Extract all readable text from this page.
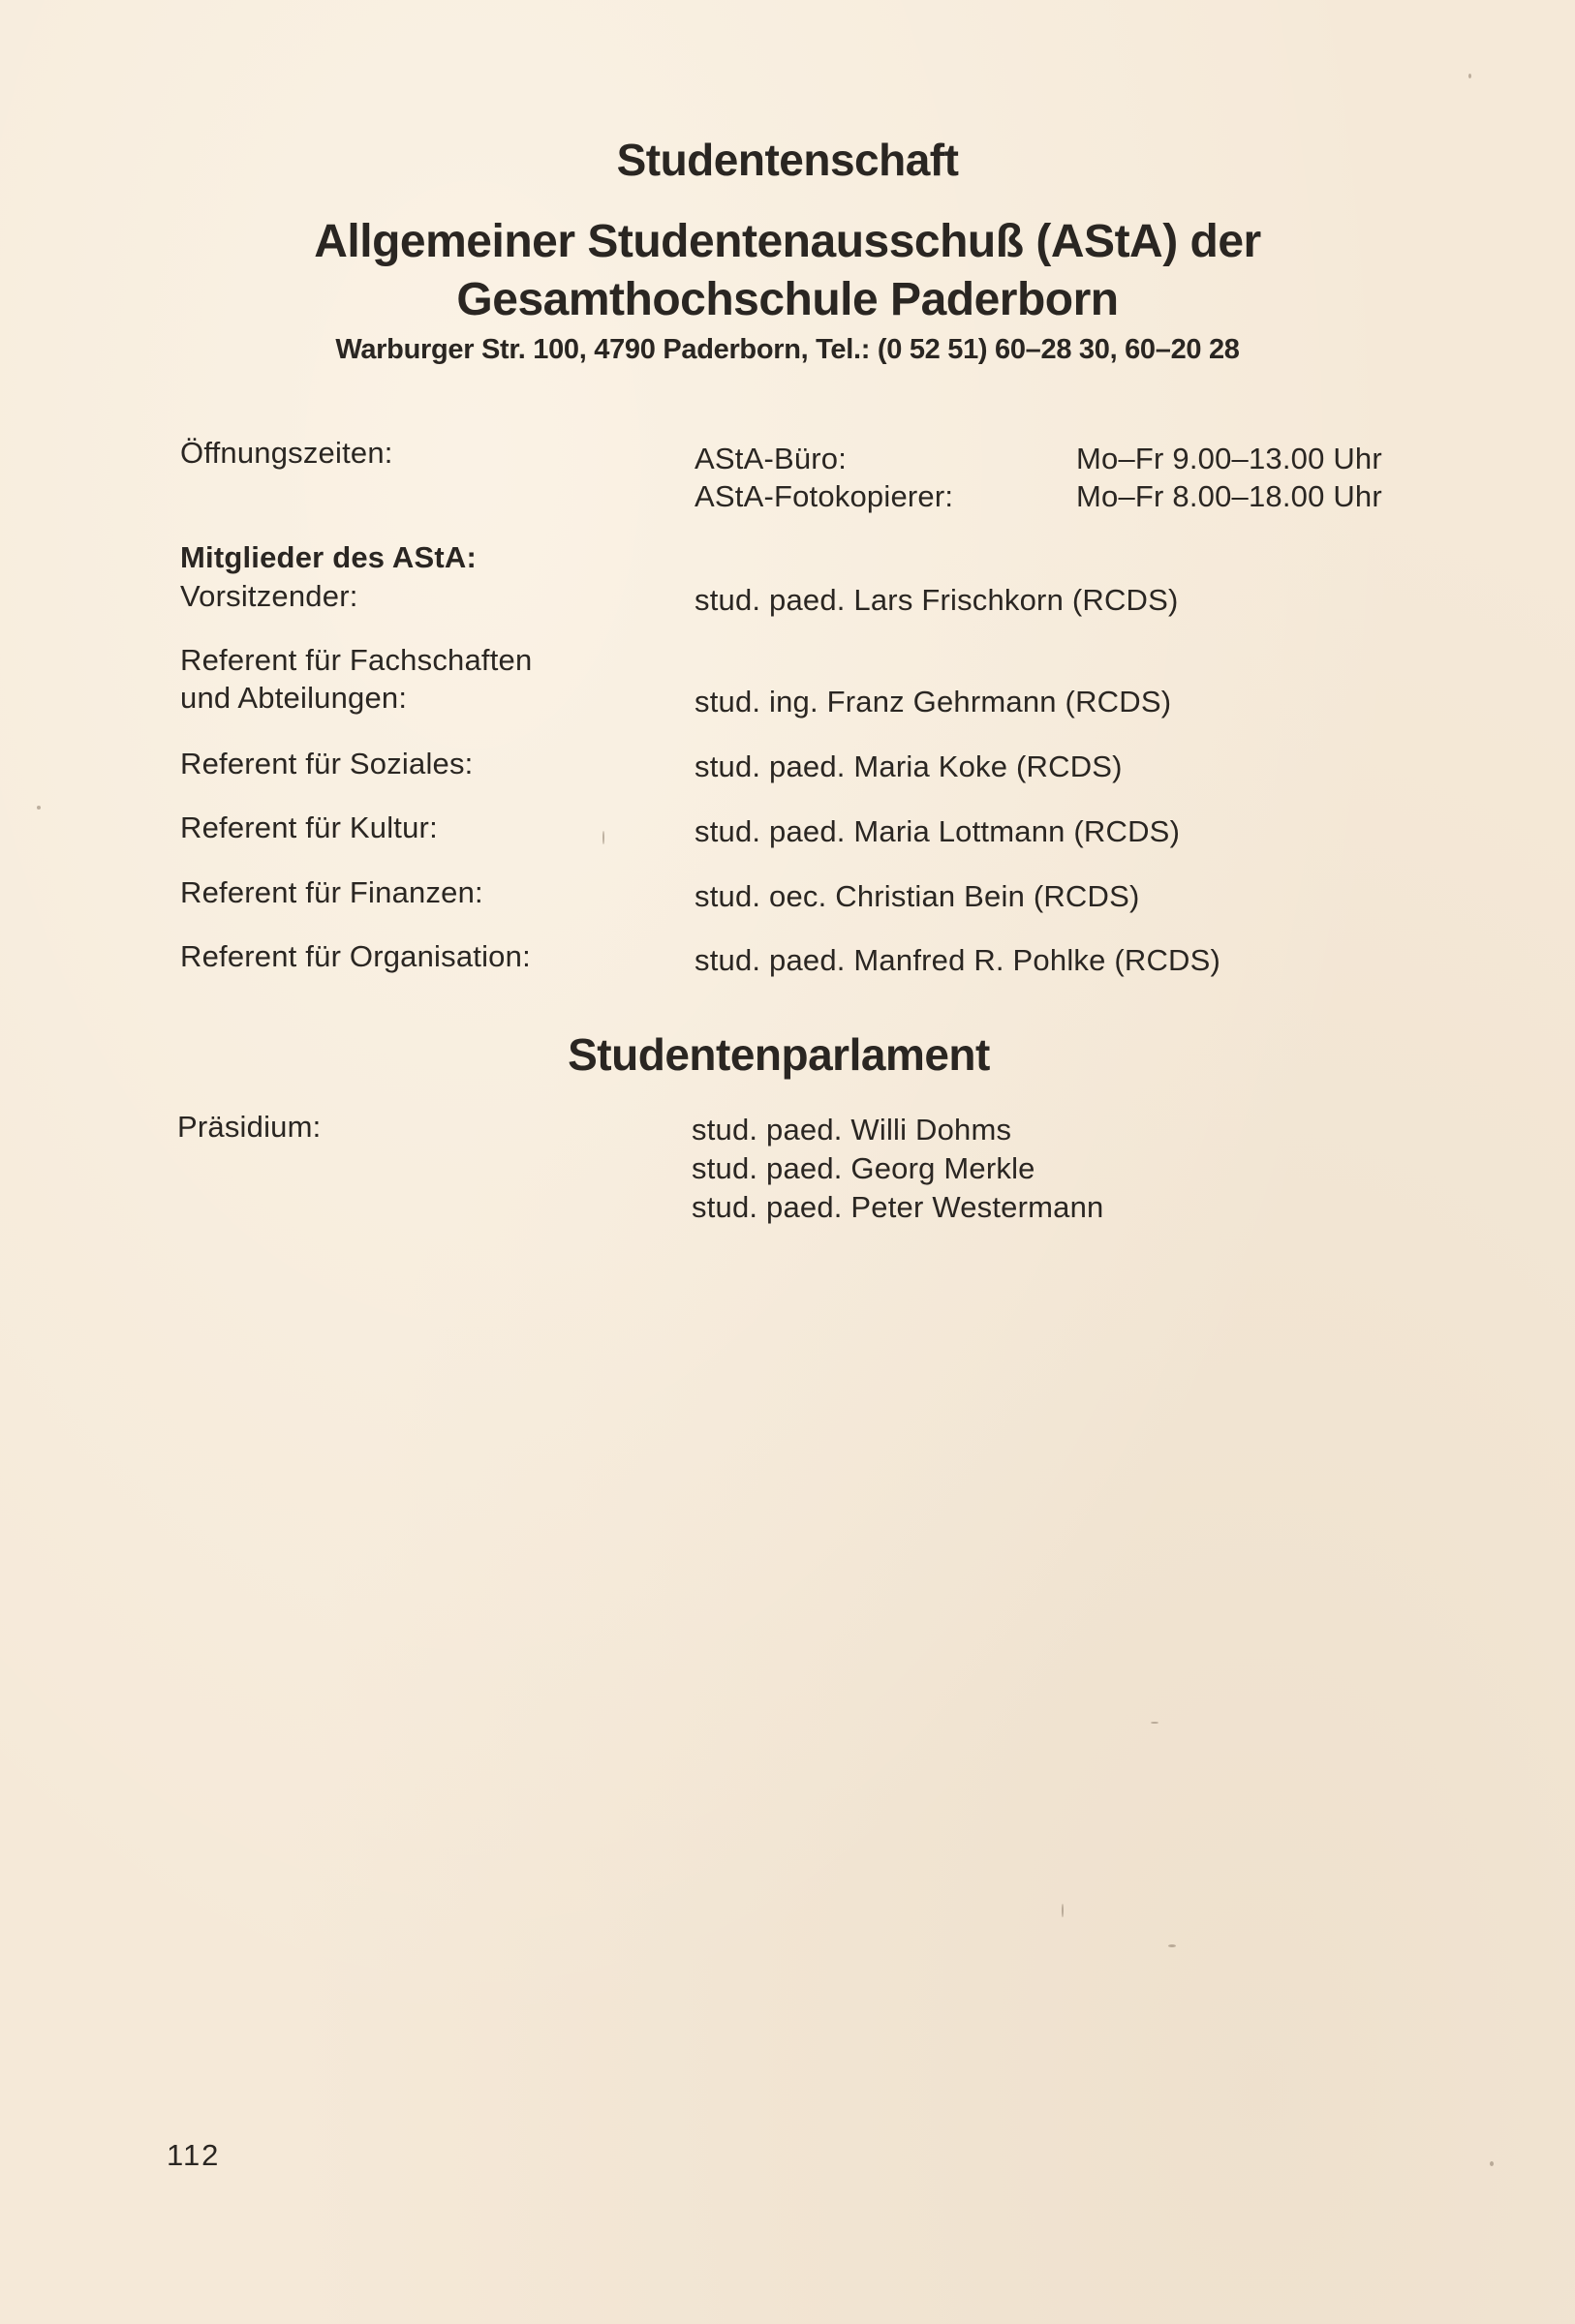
Studentenschaft
Allgemeiner Studentenausschuß (AStA) der
Gesamthochschule Paderborn
Warburger Str. 100, 4790 Paderborn, Tel.: (0 52 51) 60–28 30, 60–20 28
Öffnungszeiten:	AStA-Büro:	Mo–Fr 9.00–13.00 Uhr
AStA-Fotokopierer:	Mo–Fr 8.00–18.00 Uhr
Mitglieder des AStA:
Vorsitzender:	stud. paed. Lars Frischkorn (RCDS)
Referent für Fachschaften
und Abteilungen:	stud. ing. Franz Gehrmann (RCDS)
Referent für Soziales:	stud. paed. Maria Koke (RCDS)
Referent für Kultur:	stud. paed. Maria Lottmann (RCDS)
Referent für Finanzen:	stud. oec. Christian Bein (RCDS)
Referent für Organisation:	stud. paed. Manfred R. Pohlke (RCDS)
Studentenparlament
Präsidium:	stud. paed. Willi Dohms
stud. paed. Georg Merkle
stud. paed. Peter Westermann
112
